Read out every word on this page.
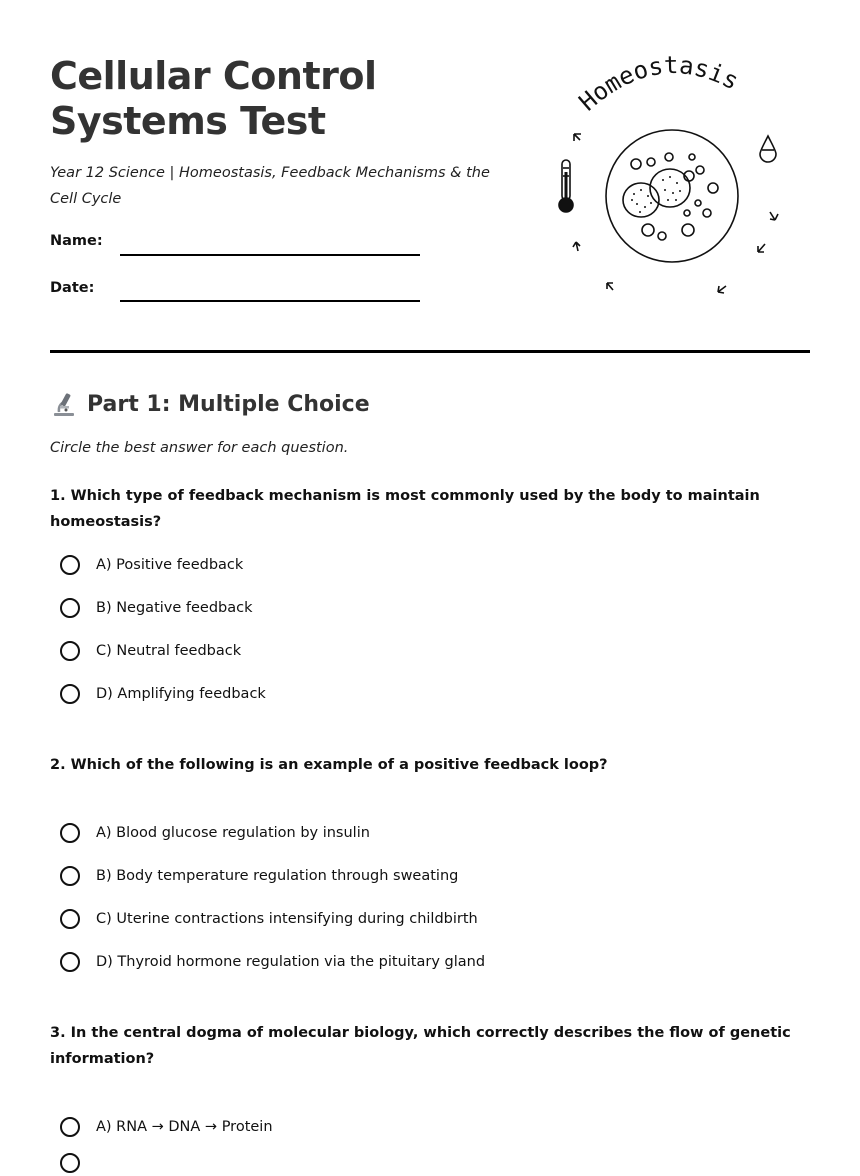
Cellular Control Systems Test

Year 12 Science | Homeostasis, Feedback Mechanisms & the Cell Cycle

Name:
Date:
Homeostasis
Part 1: Multiple Choice

Circle the best answer for each question.

1. Which type of feedback mechanism is most commonly used by the body to maintain homeostasis?

A) Positive feedback
B) Negative feedback
C) Neutral feedback
D) Amplifying feedback

2. Which of the following is an example of a positive feedback loop?

A) Blood glucose regulation by insulin
B) Body temperature regulation through sweating
C) Uterine contractions intensifying during childbirth
D) Thyroid hormone regulation via the pituitary gland

3. In the central dogma of molecular biology, which correctly describes the flow of genetic information?

A) RNA → DNA → Protein
